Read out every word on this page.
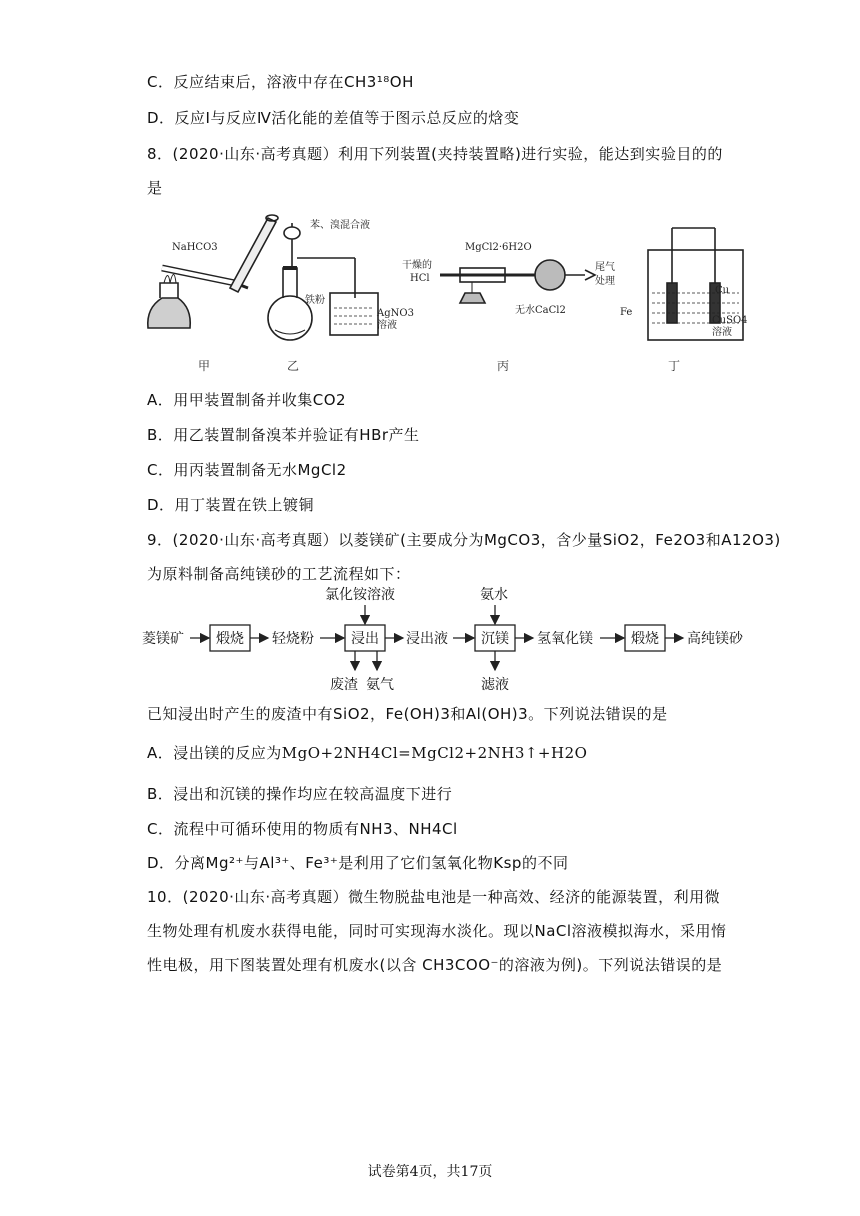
C．反应结束后，溶液中存在CH3¹⁸OH
D．反应Ⅰ与反应Ⅳ活化能的差值等于图示总反应的焓变
8．(2020·山东·高考真题）利用下列装置(夹持装置略)进行实验，能达到实验目的的
是
NaHCO3
苯、溴混合液
铁粉
AgNO3
溶液
干燥的
HCl
MgCl2·6H2O
尾气
处理
无水CaCl2
Cu
Fe
CuSO4
溶液
甲	乙	丙	丁
A．用甲装置制备并收集CO2
B．用乙装置制备溴苯并验证有HBr产生
C．用丙装置制备无水MgCl2
D．用丁装置在铁上镀铜
9．(2020·山东·高考真题）以菱镁矿(主要成分为MgCO3，含少量SiO2，Fe2O3和A12O3)
为原料制备高纯镁砂的工艺流程如下：
菱镁矿 煅烧 轻烧粉	浸出 浸出液 沉镁 氢氧化镁	煅烧 高纯镁砂
氯化铵溶液	氨水
废渣 氨气	滤液
已知浸出时产生的废渣中有SiO2，Fe(OH)3和Al(OH)3。下列说法错误的是
A．浸出镁的反应为MgO+2NH4Cl=MgCl2+2NH3↑+H2O
B．浸出和沉镁的操作均应在较高温度下进行
C．流程中可循环使用的物质有NH3、NH4Cl
D．分离Mg²⁺与Al³⁺、Fe³⁺是利用了它们氢氧化物Ksp的不同
10．(2020·山东·高考真题）微生物脱盐电池是一种高效、经济的能源装置，利用微
生物处理有机废水获得电能，同时可实现海水淡化。现以NaCl溶液模拟海水，采用惰
性电极，用下图装置处理有机废水(以含 CH3COO⁻的溶液为例)。下列说法错误的是
试卷第4页，共17页
